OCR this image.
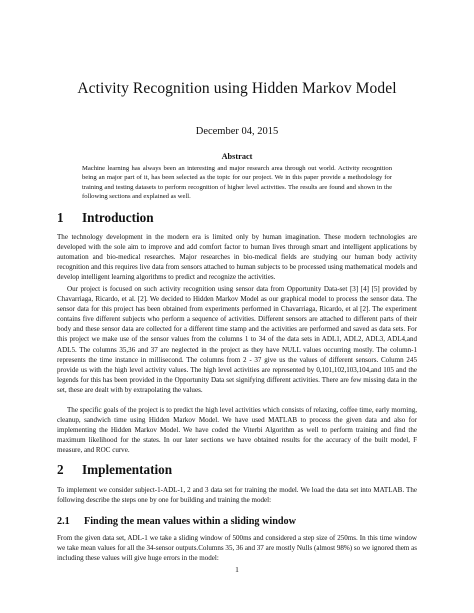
Activity Recognition using Hidden Markov Model
December 04, 2015
Abstract

Machine learning has always been an interesting and major research area through out world. Activity recognition being an major part of it, has been selected as the topic for our project. We in this paper provide a methodology for training and testing datasets to perform recognition of higher level activities. The results are found and shown in the following sections and explained as well.

1 Introduction

The technology development in the modern era is limited only by human imagination. These modern technologies are developed with the sole aim to improve and add comfort factor to human lives through smart and intelligent applications by automation and bio-medical researches. Major researches in bio-medical fields are studying our human body activity recognition and this requires live data from sensors attached to human subjects to be processed using mathematical models and develop intelligent learning algorithms to predict and recognize the activities.

Our project is focused on such activity recognition using sensor data from Opportunity Data-set [3] [4] [5] provided by Chavarriaga, Ricardo, et al. [2]. We decided to Hidden Markov Model as our graphical model to process the sensor data. The sensor data for this project has been obtained from experiments performed in Chavarriaga, Ricardo, et al [2]. The experiment contains five different subjects who perform a sequence of activities. Different sensors are attached to different parts of their body and these sensor data are collected for a different time stamp and the activities are performed and saved as data sets. For this project we make use of the sensor values from the columns 1 to 34 of the data sets in ADL1, ADL2, ADL3, ADL4,and ADL5. The columns 35,36 and 37 are neglected in the project as they have NULL values occurring mostly. The column-1 represents the time instance in millisecond. The columns from 2 - 37 give us the values of different sensors. Column 245 provide us with the high level activity values. The high level activities are represented by 0,101,102,103,104,and 105 and the legends for this has been provided in the Opportunity Data set signifying different activities. There are few missing data in the set, these are dealt with by extrapolating the values.

The specific goals of the project is to predict the high level activities which consists of relaxing, coffee time, early morning, cleanup, sandwich time using Hidden Markov Model. We have used MATLAB to process the given data and also for implementing the Hidden Markov Model. We have coded the Viterbi Algorithm as well to perform training and find the maximum likelihood for the states. In our later sections we have obtained results for the accuracy of the built model, F measure, and ROC curve.

2 Implementation

To implement we consider subject-1-ADL-1, 2 and 3 data set for training the model. We load the data set into MATLAB. The following describe the steps one by one for building and training the model:

2.1 Finding the mean values within a sliding window

From the given data set, ADL-1 we take a sliding window of 500ms and considered a step size of 250ms. In this time window we take mean values for all the 34-sensor outputs.Columns 35, 36 and 37 are mostly Nulls (almost 98%) so we ignored them as including these values will give huge errors in the model:

1
